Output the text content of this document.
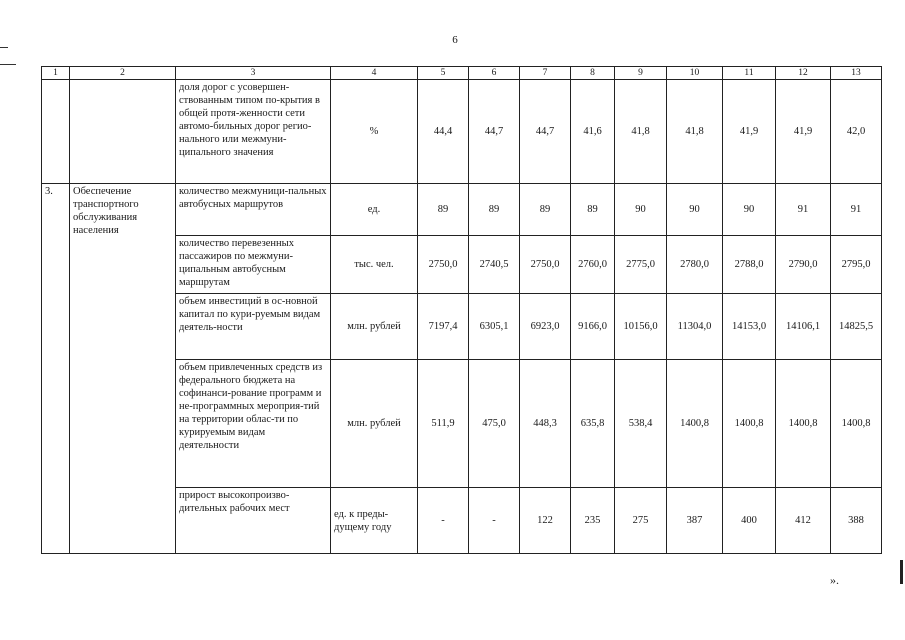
6
1	2	3	4	5	6	7	8	9	10	11	12	13
		доля дорог с усовершен-ствованным типом по-крытия в общей протя-женности сети автомо-бильных дорог регио-нального или межмуни-ципального значения	%	44,4	44,7	44,7	41,6	41,8	41,8	41,9	41,9	42,0
3.	Обеспечение транспортного обслуживания населения	количество межмуници-пальных автобусных маршрутов	ед.	89	89	89	89	90	90	90	91	91
		количество перевезенных пассажиров по межмуни-ципальным автобусным маршрутам	тыс. чел.	2750,0	2740,5	2750,0	2760,0	2775,0	2780,0	2788,0	2790,0	2795,0
		объем инвестиций в ос-новной капитал по кури-руемым видам деятель-ности	млн. рублей	7197,4	6305,1	6923,0	9166,0	10156,0	11304,0	14153,0	14106,1	14825,5
		объем привлеченных средств из федерального бюджета на софинанси-рование программ и не-программных мероприя-тий на территории облас-ти по курируемым видам деятельности	млн. рублей	511,9	475,0	448,3	635,8	538,4	1400,8	1400,8	1400,8	1400,8
		прирост высокопроизво-дительных рабочих мест	ед. к преды-дущему году	-	-	122	235	275	387	400	412	388
».
